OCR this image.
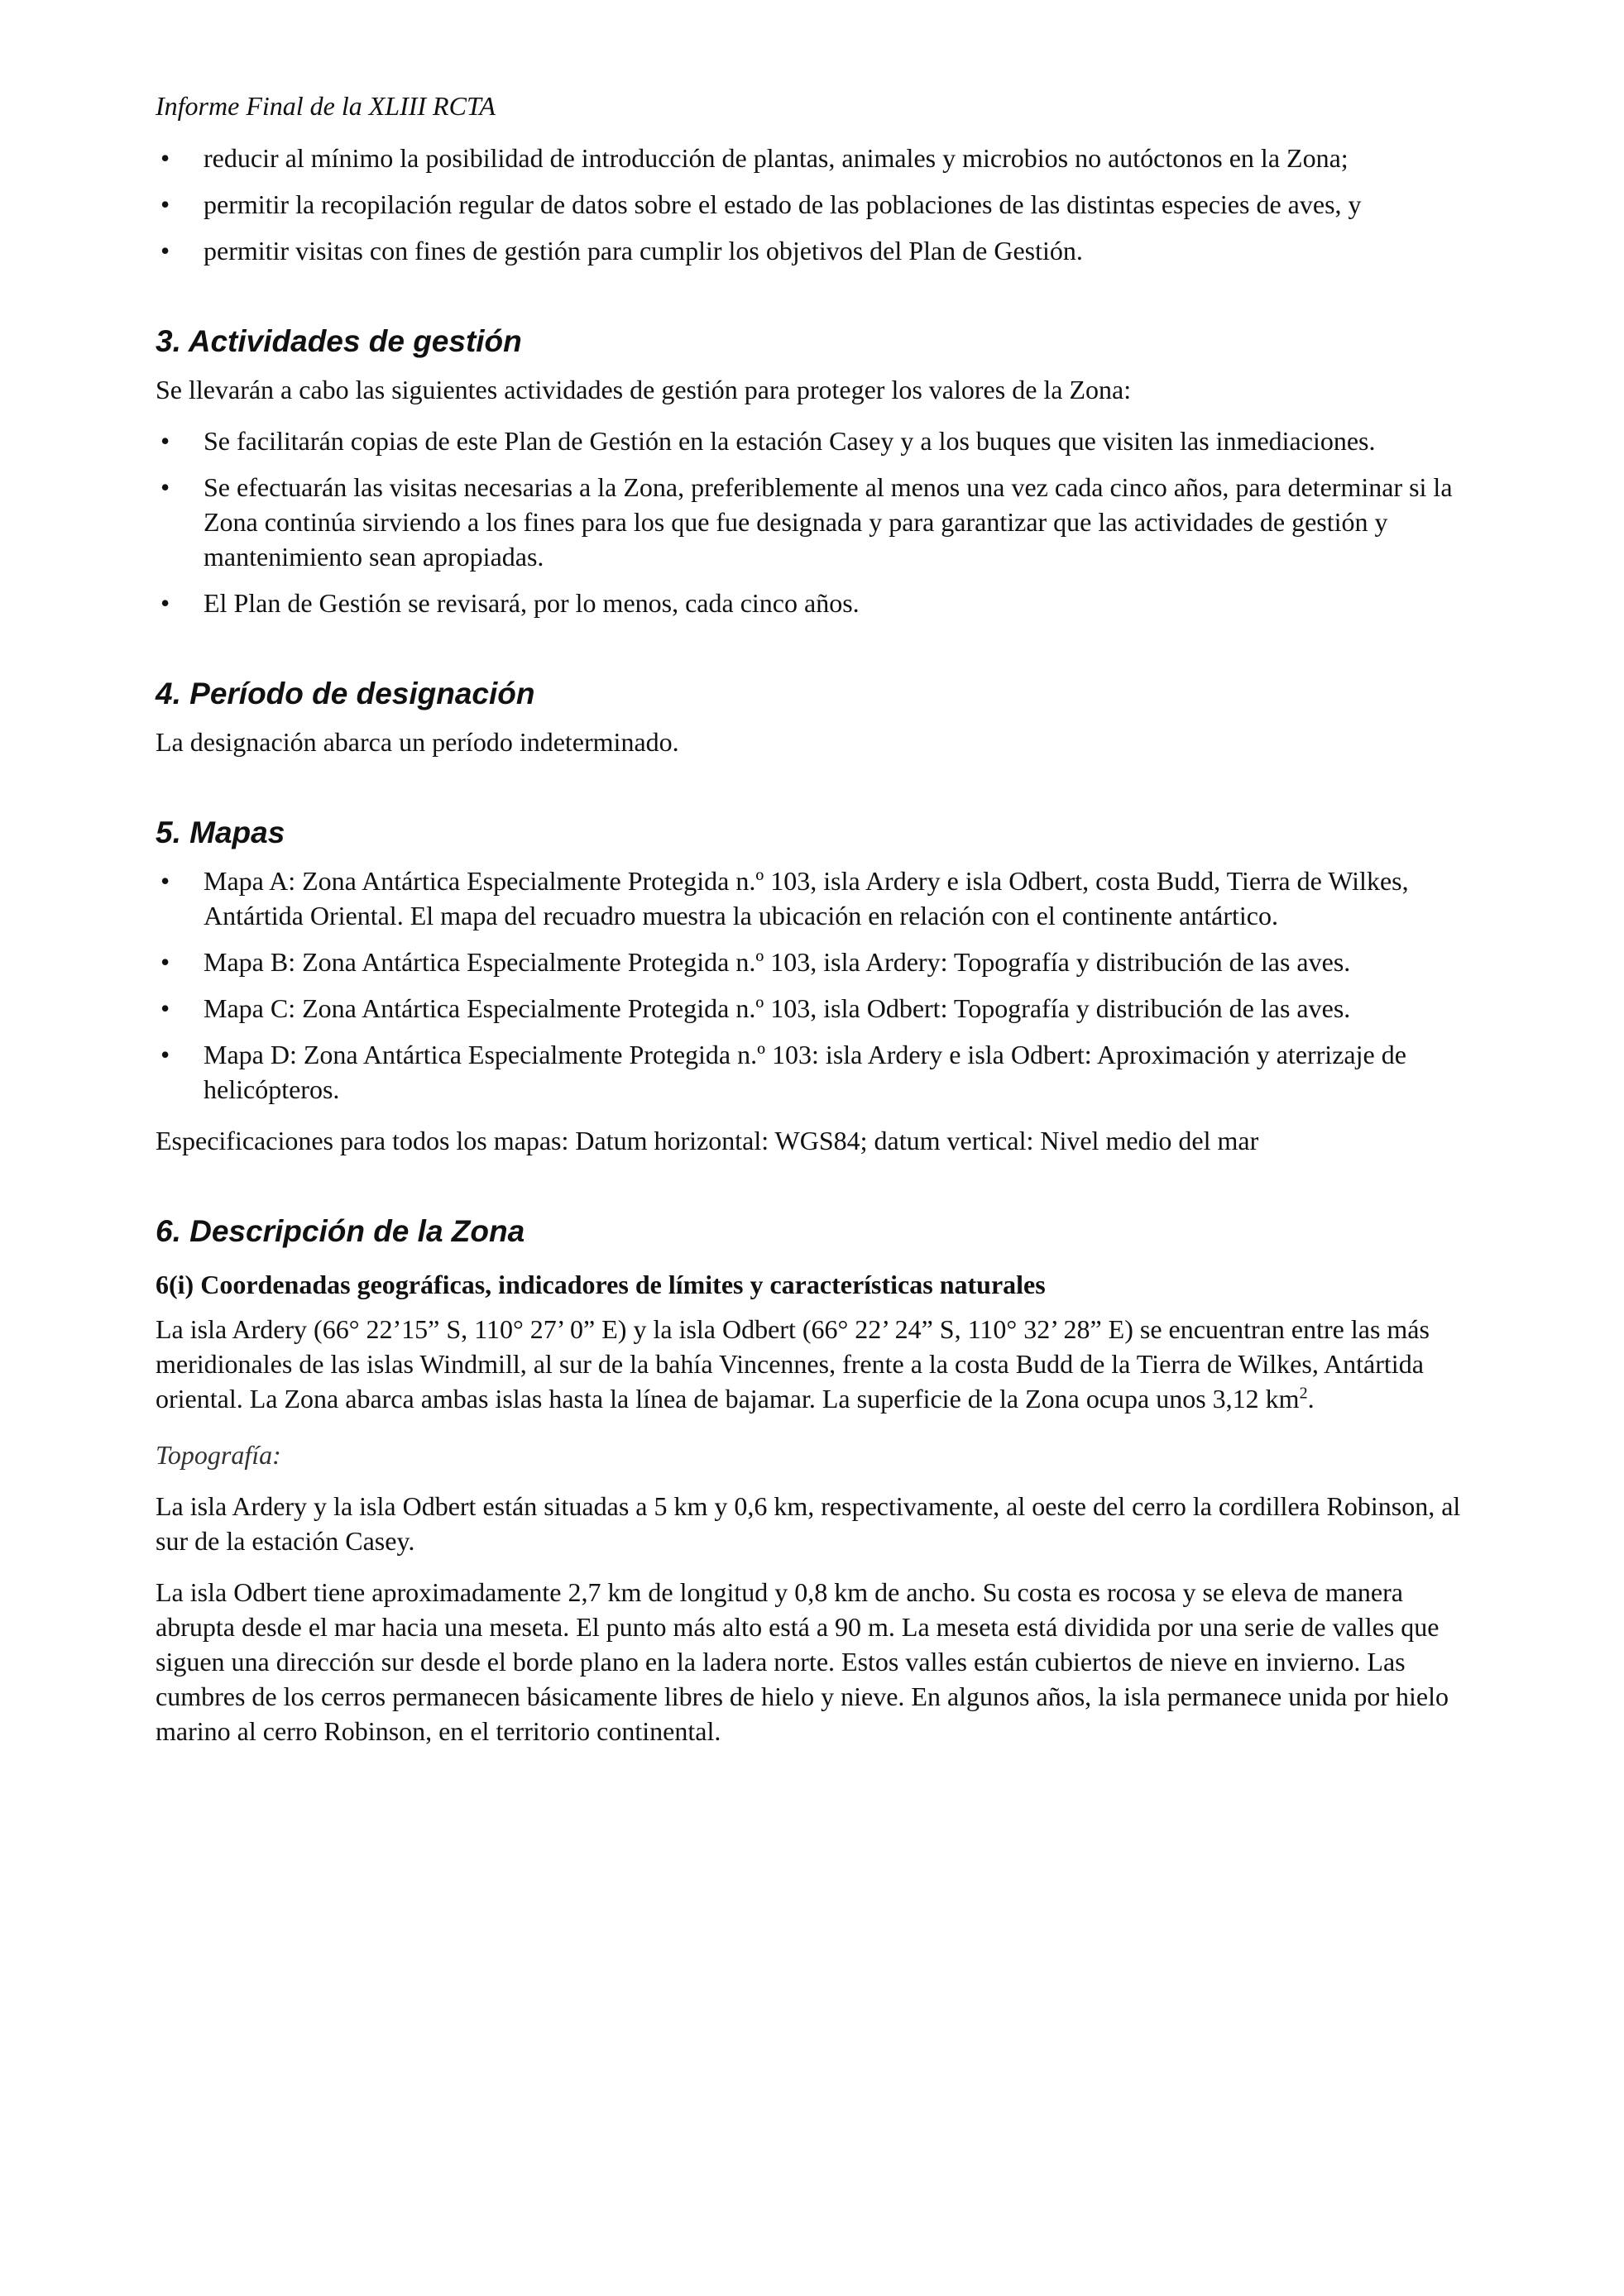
Informe Final de la XLIII RCTA
• reducir al mínimo la posibilidad de introducción de plantas, animales y microbios no autóctonos en la Zona;
• permitir la recopilación regular de datos sobre el estado de las poblaciones de las distintas especies de aves, y
• permitir visitas con fines de gestión para cumplir los objetivos del Plan de Gestión.
3. Actividades de gestión

Se llevarán a cabo las siguientes actividades de gestión para proteger los valores de la Zona:

• Se facilitarán copias de este Plan de Gestión en la estación Casey y a los buques que visiten las inmediaciones.
• Se efectuarán las visitas necesarias a la Zona, preferiblemente al menos una vez cada cinco años, para determinar si la Zona continúa sirviendo a los fines para los que fue designada y para garantizar que las actividades de gestión y mantenimiento sean apropiadas.
• El Plan de Gestión se revisará, por lo menos, cada cinco años.
4. Período de designación

La designación abarca un período indeterminado.

5. Mapas
• Mapa A: Zona Antártica Especialmente Protegida n.º 103, isla Ardery e isla Odbert, costa Budd, Tierra de Wilkes, Antártida Oriental. El mapa del recuadro muestra la ubicación en relación con el continente antártico.
• Mapa B: Zona Antártica Especialmente Protegida n.º 103, isla Ardery: Topografía y distribución de las aves.
• Mapa C: Zona Antártica Especialmente Protegida n.º 103, isla Odbert: Topografía y distribución de las aves.
• Mapa D: Zona Antártica Especialmente Protegida n.º 103: isla Ardery e isla Odbert: Aproximación y aterrizaje de helicópteros.

Especificaciones para todos los mapas: Datum horizontal: WGS84; datum vertical: Nivel medio del mar

6. Descripción de la Zona
6(i) Coordenadas geográficas, indicadores de límites y características naturales

La isla Ardery (66° 22’15” S, 110° 27’ 0” E) y la isla Odbert (66° 22’ 24” S, 110° 32’ 28” E) se encuentran entre las más meridionales de las islas Windmill, al sur de la bahía Vincennes, frente a la costa Budd de la Tierra de Wilkes, Antártida oriental. La Zona abarca ambas islas hasta la línea de bajamar. La superficie de la Zona ocupa unos 3,12 $km^2$.

Topografía:

La isla Ardery y la isla Odbert están situadas a 5 km y 0,6 km, respectivamente, al oeste del cerro la cordillera Robinson, al sur de la estación Casey.

La isla Odbert tiene aproximadamente 2,7 km de longitud y 0,8 km de ancho. Su costa es rocosa y se eleva de manera abrupta desde el mar hacia una meseta. El punto más alto está a 90 m. La meseta está dividida por una serie de valles que siguen una dirección sur desde el borde plano en la ladera norte. Estos valles están cubiertos de nieve en invierno. Las cumbres de los cerros permanecen básicamente libres de hielo y nieve. En algunos años, la isla permanece unida por hielo marino al cerro Robinson, en el territorio continental.
